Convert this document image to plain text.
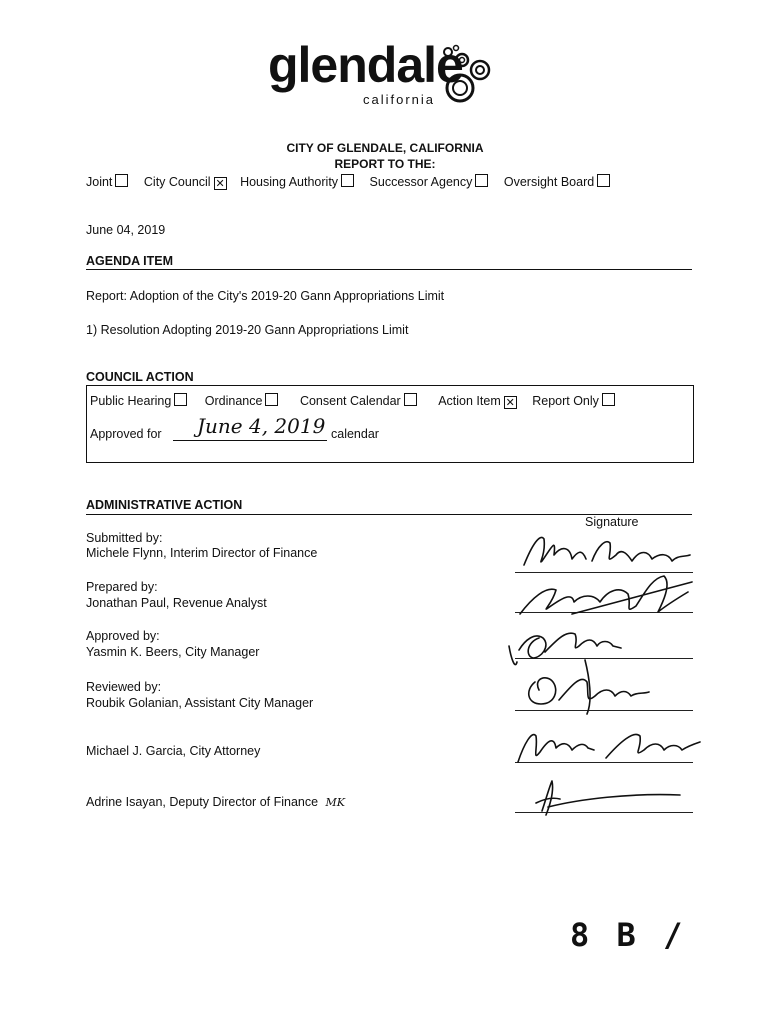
glendale
california
CITY OF GLENDALE, CALIFORNIA
REPORT TO THE:
Joint	City Council ✕ Housing Authority	Successor Agency	Oversight Board
June 04, 2019
AGENDA ITEM
Report: Adoption of the City's 2019-20 Gann Appropriations Limit
1) Resolution Adopting 2019-20 Gann Appropriations Limit
COUNCIL ACTION
Public Hearing	Ordinance	Consent Calendar	Action Item ✕	Report Only
Approved for June 4, 2019 calendar
ADMINISTRATIVE ACTION
Signature
Submitted by:
Michele Flynn, Interim Director of Finance
Prepared by:
Jonathan Paul, Revenue Analyst
Approved by:
Yasmin K. Beers, City Manager
Reviewed by:
Roubik Golanian, Assistant City Manager
Michael J. Garcia, City Attorney
Adrine Isayan, Deputy Director of Finance MK
8 B /
